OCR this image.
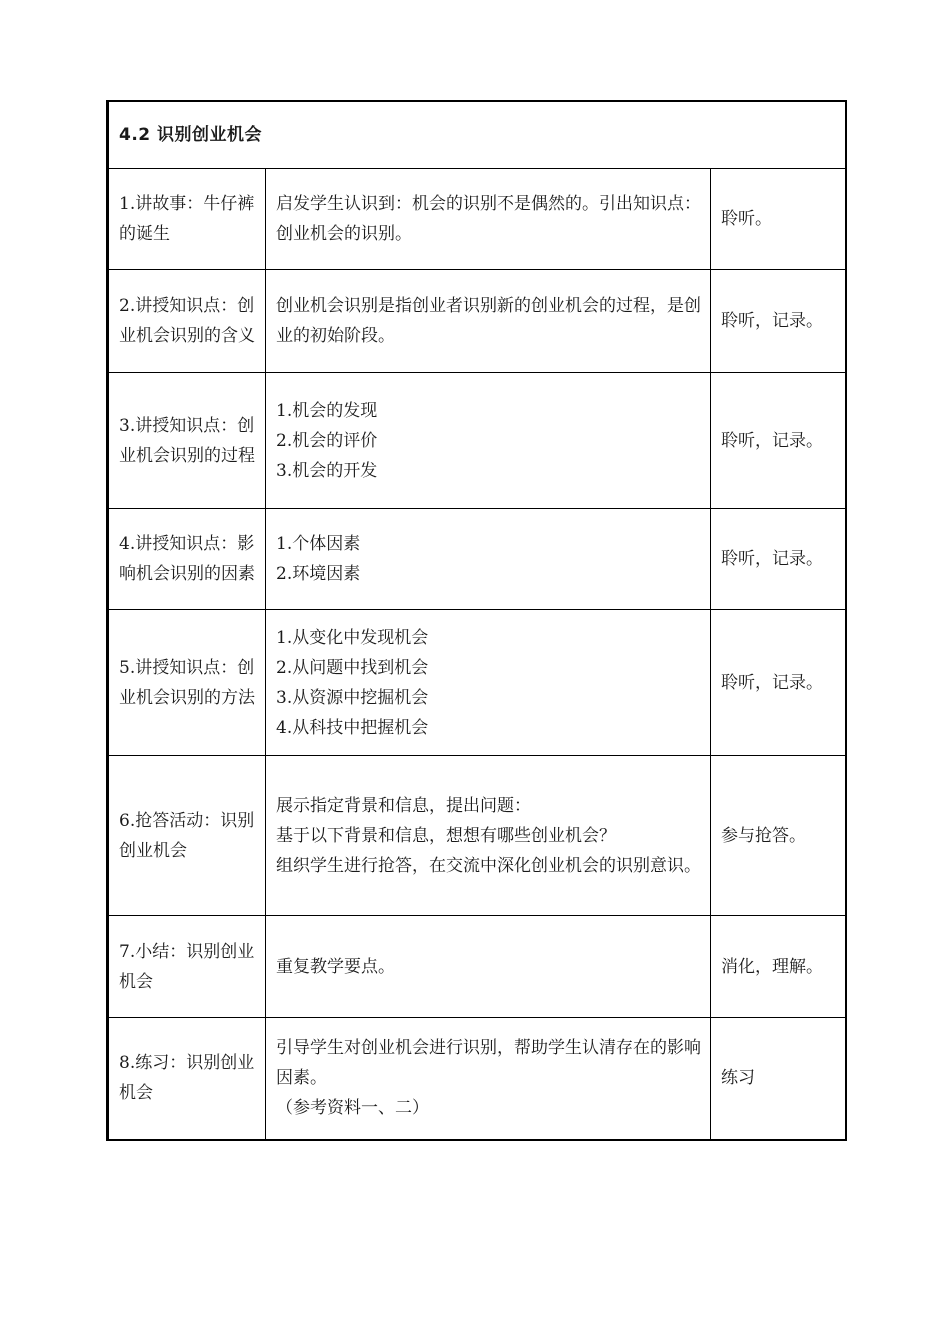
4.2 识别创业机会		
1.讲故事：牛仔裤的诞生	启发学生认识到：机会的识别不是偶然的。引出知识点：创业机会的识别。	聆听。
2.讲授知识点：创业机会识别的含义	创业机会识别是指创业者识别新的创业机会的过程，是创业的初始阶段。	聆听，记录。
3.讲授知识点：创业机会识别的过程	1.机会的发现
2.机会的评价
3.机会的开发	聆听，记录。
4.讲授知识点：影响机会识别的因素	1.个体因素
2.环境因素	聆听，记录。
5.讲授知识点：创业机会识别的方法	1.从变化中发现机会
2.从问题中找到机会
3.从资源中挖掘机会
4.从科技中把握机会	聆听，记录。
6.抢答活动：识别创业机会	展示指定背景和信息，提出问题：
基于以下背景和信息，想想有哪些创业机会？
组织学生进行抢答，在交流中深化创业机会的识别意识。	参与抢答。
7.小结：识别创业机会	重复教学要点。	消化，理解。
8.练习：识别创业机会	引导学生对创业机会进行识别，帮助学生认清存在的影响因素。
（参考资料一、二）	练习
